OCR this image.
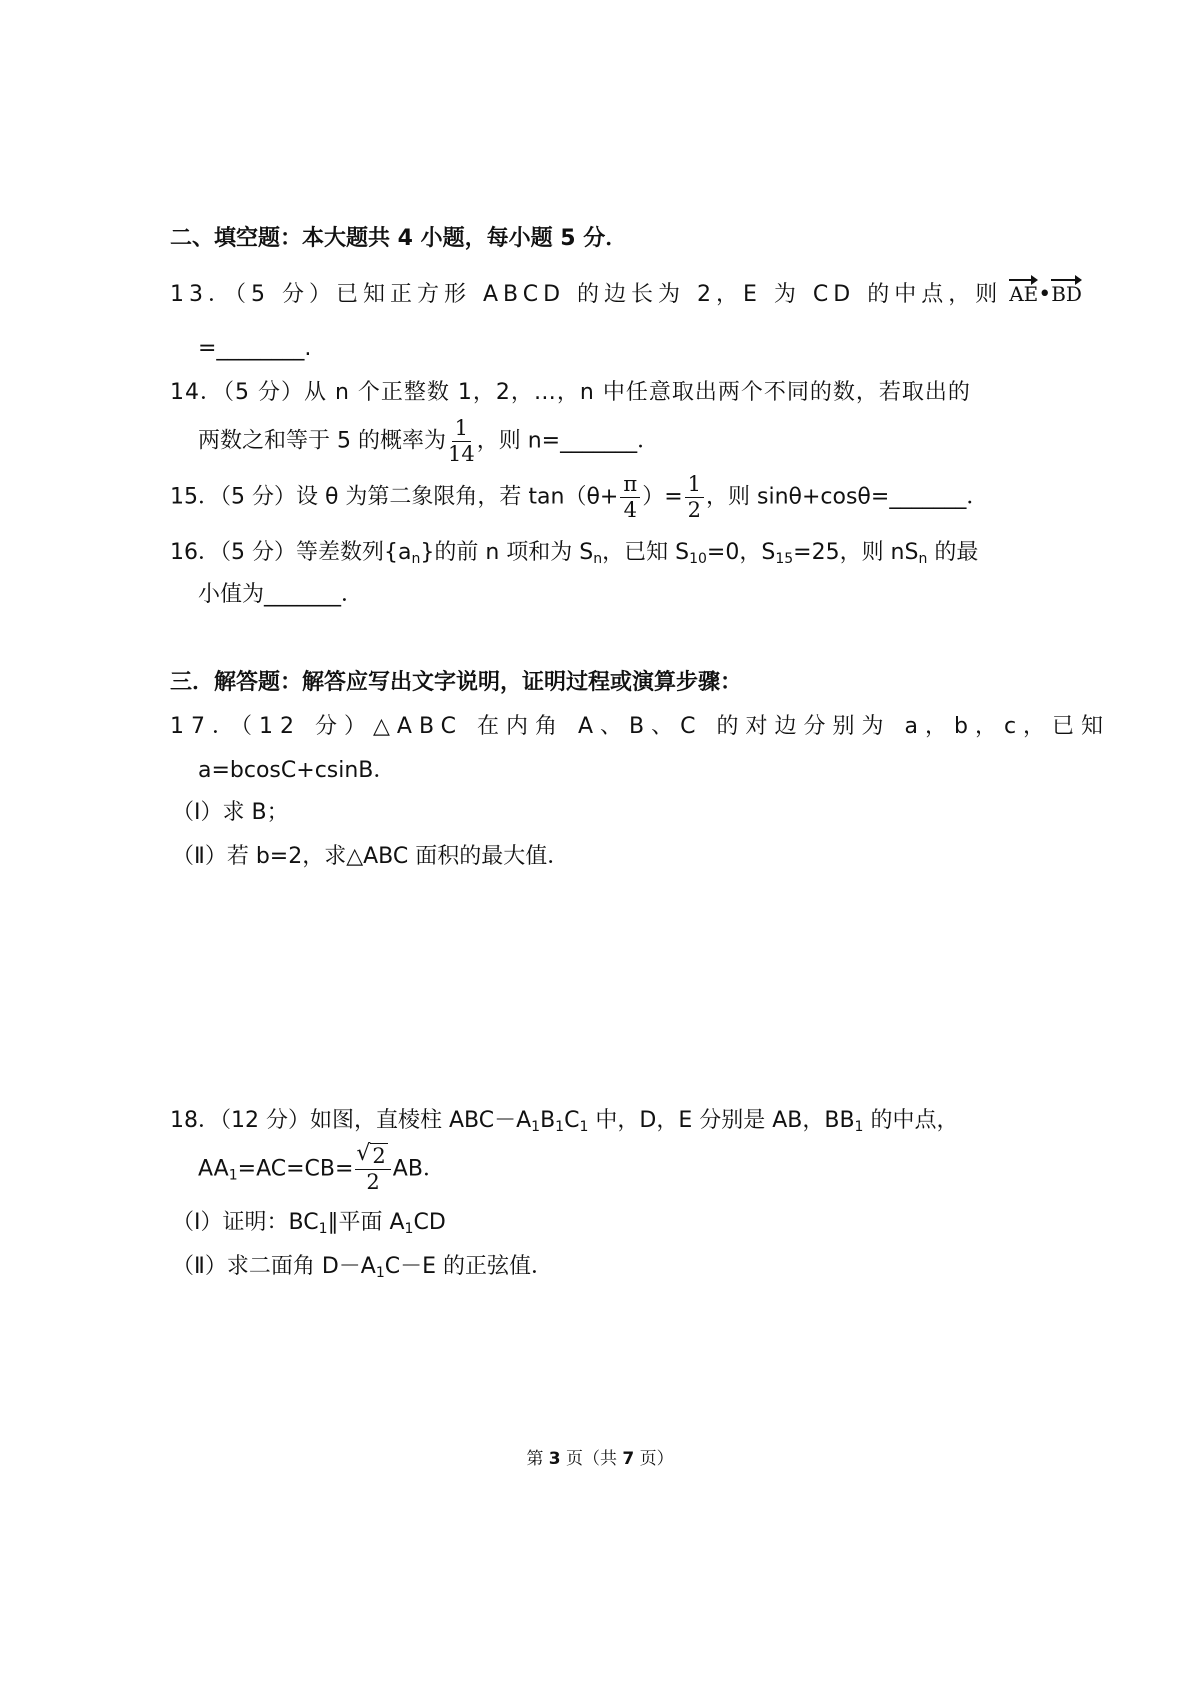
二、填空题：本大题共 4 小题，每小题 5 分．
13．（5 分）已知正方形 ABCD 的边长为 2，E 为 CD 的中点，则 AE•BD
=________.
14．（5 分）从 n 个正整数 1，2，…，n 中任意取出两个不同的数，若取出的
两数之和等于 5 的概率为 $\frac{1}{14}$ ，则 n=_______．
15．（5 分）设 θ 为第二象限角，若 $\tan(\theta+ \frac{\pi}{4}$ ）= $\frac{1}{2}$ ，则 sinθ+cosθ=_______．
16．（5 分）等差数列$\{a_n\}$的前 n 项和为 $S_n$，已知 $S_{10}=0$，$S_{15}=25$，则 $nS_n$ 的最
小值为_______．
三．解答题：解答应写出文字说明，证明过程或演算步骤：
17．（12 分）△ABC 在内角 A、B、C 的对边分别为 a，b，c，已知
a=bcosC+csinB．
（Ⅰ）求 B；
（Ⅱ）若 b=2，求△ABC 面积的最大值．
18．（12 分）如图，直棱柱 $ABC-A_1B_1C_1$ 中，D，E 分别是 AB，$BB_1$ 的中点，
$AA_1=AC=CB=$
√ $\frac{2}{2}$ AB．
（Ⅰ）证明：$BC_1\parallel$平面 $A_1CD$
（Ⅱ）求二面角 $D-A_1C-E$ 的正弦值．
第 3 页（共 7 页）
